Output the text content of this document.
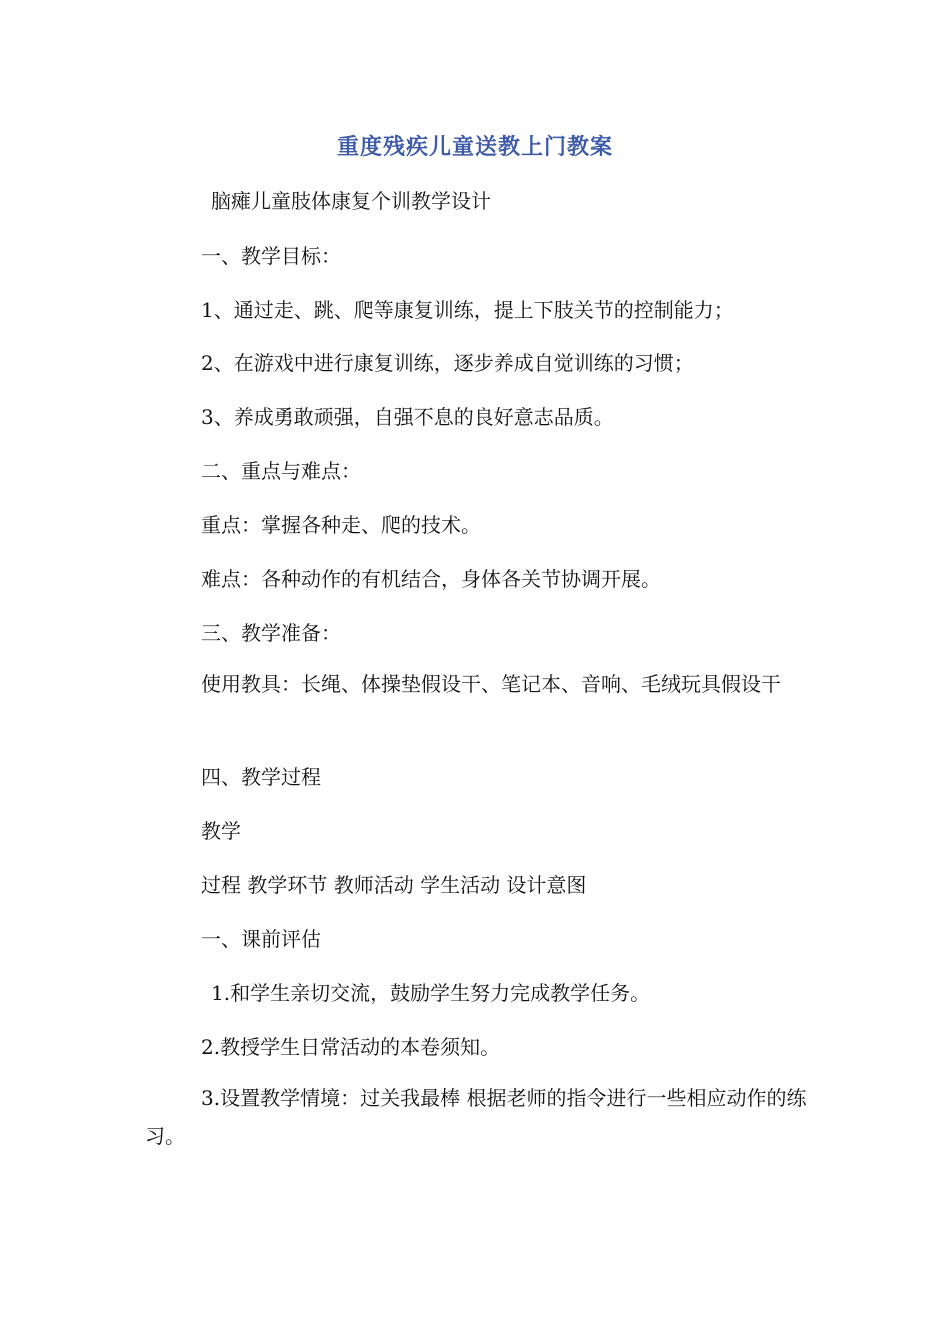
重度残疾儿童送教上门教案
脑瘫儿童肢体康复个训教学设计
一、教学目标：
1、通过走、跳、爬等康复训练，提上下肢关节的控制能力；
2、在游戏中进行康复训练，逐步养成自觉训练的习惯；
3、养成勇敢顽强，自强不息的良好意志品质。
二、重点与难点：
重点：掌握各种走、爬的技术。
难点：各种动作的有机结合，身体各关节协调开展。
三、教学准备：
使用教具：长绳、体操垫假设干、笔记本、音响、毛绒玩具假设干
四、教学过程
教学
过程 教学环节 教师活动 学生活动 设计意图
一、课前评估
1.和学生亲切交流，鼓励学生努力完成教学任务。
2.教授学生日常活动的本卷须知。
3.设置教学情境：过关我最棒 根据老师的指令进行一些相应动作的练习。
